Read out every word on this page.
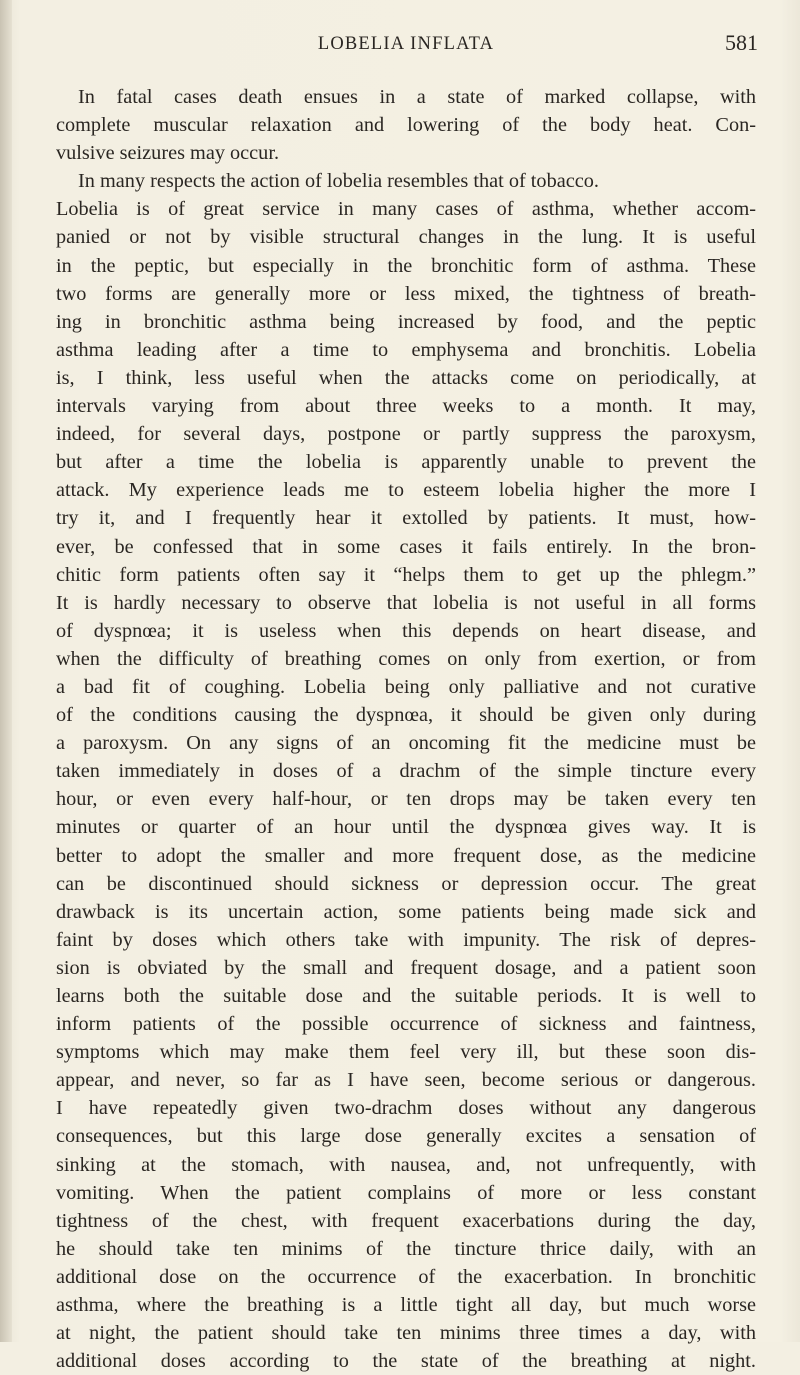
LOBELIA INFLATA	581
In fatal cases death ensues in a state of marked collapse, with
complete muscular relaxation and lowering of the body heat. Con-
vulsive seizures may occur.
In many respects the action of lobelia resembles that of tobacco.
Lobelia is of great service in many cases of asthma, whether accom-
panied or not by visible structural changes in the lung. It is useful
in the peptic, but especially in the bronchitic form of asthma. These
two forms are generally more or less mixed, the tightness of breath-
ing in bronchitic asthma being increased by food, and the peptic
asthma leading after a time to emphysema and bronchitis. Lobelia
is, I think, less useful when the attacks come on periodically, at
intervals varying from about three weeks to a month. It may,
indeed, for several days, postpone or partly suppress the paroxysm,
but after a time the lobelia is apparently unable to prevent the
attack. My experience leads me to esteem lobelia higher the more I
try it, and I frequently hear it extolled by patients. It must, how-
ever, be confessed that in some cases it fails entirely. In the bron-
chitic form patients often say it “helps them to get up the phlegm.”
It is hardly necessary to observe that lobelia is not useful in all forms
of dyspnœa; it is useless when this depends on heart disease, and
when the difficulty of breathing comes on only from exertion, or from
a bad fit of coughing. Lobelia being only palliative and not curative
of the conditions causing the dyspnœa, it should be given only during
a paroxysm. On any signs of an oncoming fit the medicine must be
taken immediately in doses of a drachm of the simple tincture every
hour, or even every half-hour, or ten drops may be taken every ten
minutes or quarter of an hour until the dyspnœa gives way. It is
better to adopt the smaller and more frequent dose, as the medicine
can be discontinued should sickness or depression occur. The great
drawback is its uncertain action, some patients being made sick and
faint by doses which others take with impunity. The risk of depres-
sion is obviated by the small and frequent dosage, and a patient soon
learns both the suitable dose and the suitable periods. It is well to
inform patients of the possible occurrence of sickness and faintness,
symptoms which may make them feel very ill, but these soon dis-
appear, and never, so far as I have seen, become serious or dangerous.
I have repeatedly given two-drachm doses without any dangerous
consequences, but this large dose generally excites a sensation of
sinking at the stomach, with nausea, and, not unfrequently, with
vomiting. When the patient complains of more or less constant
tightness of the chest, with frequent exacerbations during the day,
he should take ten minims of the tincture thrice daily, with an
additional dose on the occurrence of the exacerbation. In bronchitic
asthma, where the breathing is a little tight all day, but much worse
at night, the patient should take ten minims three times a day, with
additional doses according to the state of the breathing at night.
